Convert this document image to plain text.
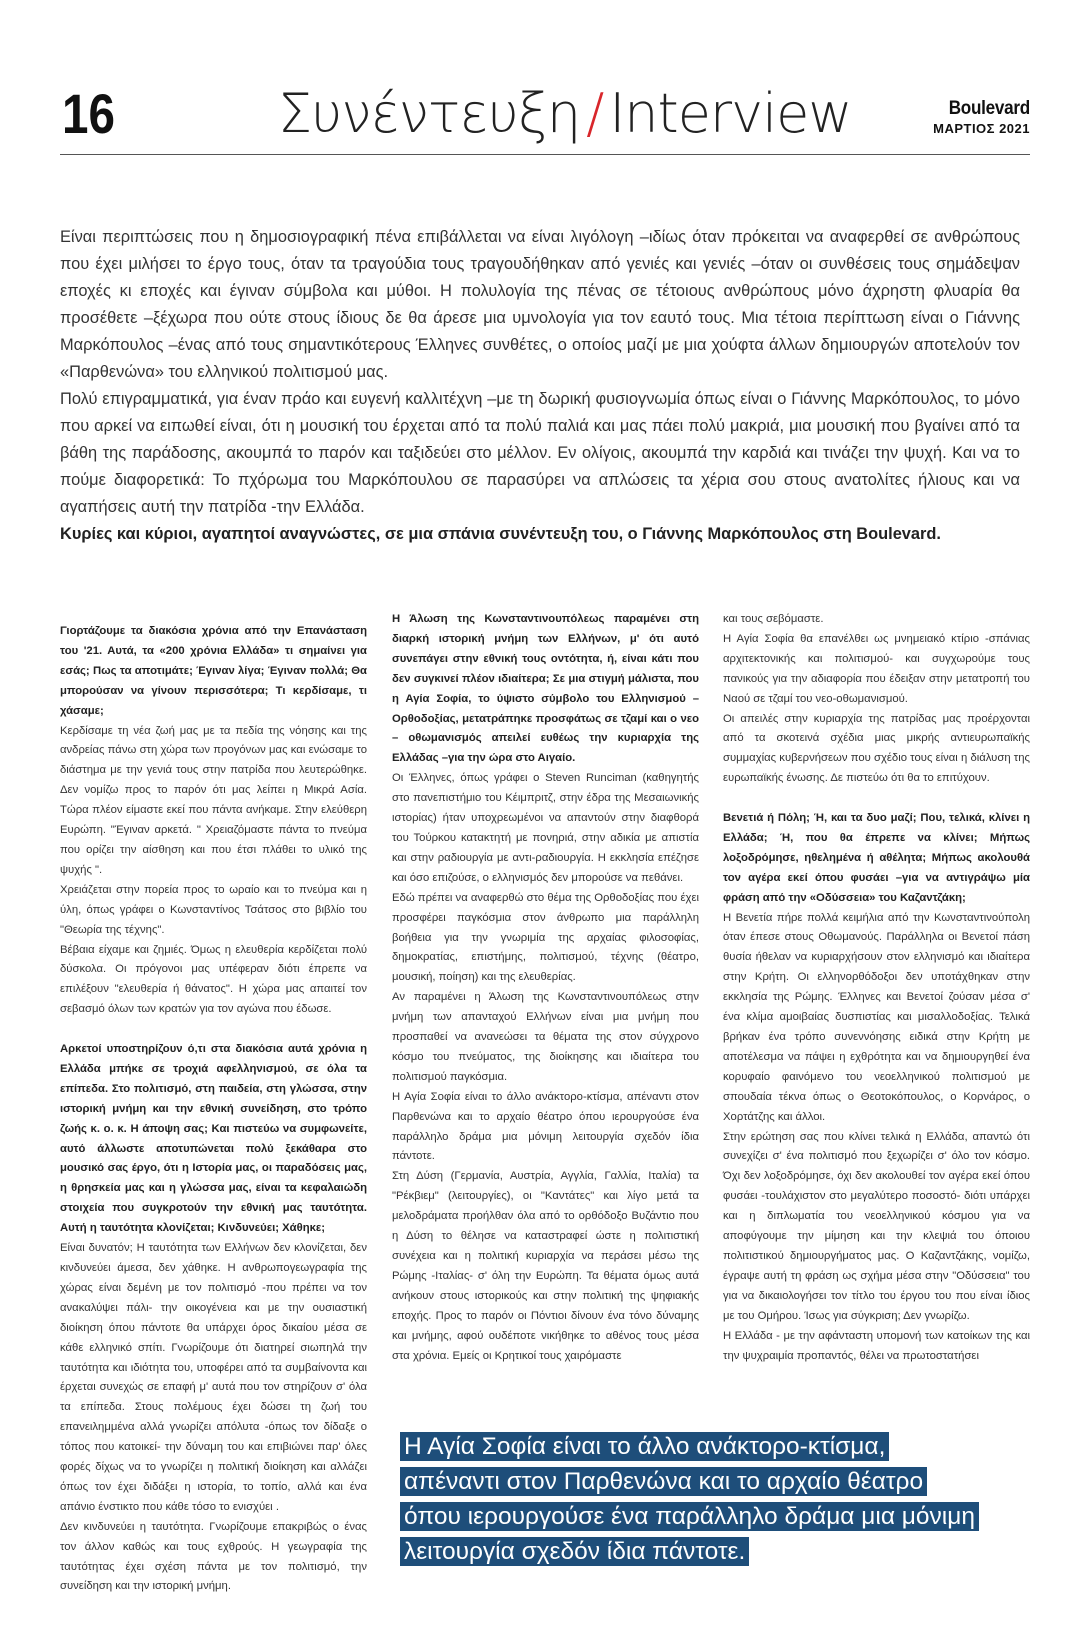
16	Συνέντευξη / Interview	Boulevard
ΜΑΡΤΙΟΣ 2021

Είναι περιπτώσεις που η δημοσιογραφική πένα επιβάλλεται να είναι λιγόλογη –ιδίως όταν πρόκειται να αναφερθεί σε ανθρώπους που έχει μιλήσει το έργο τους, όταν τα τραγούδια τους τραγουδήθηκαν από γενιές και γενιές –όταν οι συνθέσεις τους σημάδεψαν εποχές κι εποχές και έγιναν σύμβολα και μύθοι. Η πολυλογία της πένας σε τέτοιους ανθρώπους μόνο άχρηστη φλυαρία θα προσέθετε –ξέχωρα που ούτε στους ίδιους δε θα άρεσε μια υμνολογία για τον εαυτό τους. Μια τέτοια περίπτωση είναι ο Γιάννης Μαρκόπουλος –ένας από τους σημαντικότερους Έλληνες συνθέτες, ο οποίος μαζί με μια χούφτα άλλων δημιουργών αποτελούν τον «Παρθενώνα» του ελληνικού πολιτισμού μας.

Πολύ επιγραμματικά, για έναν πράο και ευγενή καλλιτέχνη –με τη δωρική φυσιογνωμία όπως είναι ο Γιάννης Μαρκόπουλος, το μόνο που αρκεί να ειπωθεί είναι, ότι η μουσική του έρχεται από τα πολύ παλιά και μας πάει πολύ μακριά, μια μουσική που βγαίνει από τα βάθη της παράδοσης, ακουμπά το παρόν και ταξιδεύει στο μέλλον. Εν ολίγοις, ακουμπά την καρδιά και τινάζει την ψυχή. Και να το πούμε διαφορετικά: Το πχόρωμα του Μαρκόπουλου σε παρασύρει να απλώσεις τα χέρια σου στους ανατολίτες ήλιους και να αγαπήσεις αυτή την πατρίδα -την Ελλάδα.

Κυρίες και κύριοι, αγαπητοί αναγνώστες, σε μια σπάνια συνέντευξη του, ο Γιάννης Μαρκόπουλος στη Boulevard.

Γιορτάζουμε τα διακόσια χρόνια από την Επανάσταση του '21. Αυτά, τα «200 χρόνια Ελλάδα» τι σημαίνει για εσάς; Πως τα αποτιμάτε; Έγιναν λίγα; Έγιναν πολλά; Θα μπορούσαν να γίνουν περισσότερα; Τι κερδίσαμε, τι χάσαμε;

Κερδίσαμε τη νέα ζωή μας με τα πεδία της νόησης και της ανδρείας πάνω στη χώρα των προγόνων μας και ενώσαμε το διάστημα με την γενιά τους στην πατρίδα που λευτερώθηκε. Δεν νομίζω προς το παρόν ότι μας λείπει η Μικρά Ασία. Τώρα πλέον είμαστε εκεί που πάντα ανήκαμε. Στην ελεύθερη Ευρώπη. "Έγιναν αρκετά. " Χρειαζόμαστε πάντα το πνεύμα που ορίζει την αίσθηση και που έτσι πλάθει το υλικό της ψυχής ".

Χρειάζεται στην πορεία προς το ωραίο και το πνεύμα και η ύλη, όπως γράφει ο Κωνσταντίνος Τσάτσος στο βιβλίο του "Θεωρία της τέχνης".

Βέβαια είχαμε και ζημιές. Όμως η ελευθερία κερδίζεται πολύ δύσκολα. Οι πρόγονοι μας υπέφεραν διότι έπρεπε να επιλέξουν "ελευθερία ή θάνατος". Η χώρα μας απαιτεί τον σεβασμό όλων των κρατών για τον αγώνα που έδωσε.

Αρκετοί υποστηρίζουν ό,τι στα διακόσια αυτά χρόνια η Ελλάδα μπήκε σε τροχιά αφελληνισμού, σε όλα τα επίπεδα. Στο πολιτισμό, στη παιδεία, στη γλώσσα, στην ιστορική μνήμη και την εθνική συνείδηση, στο τρόπο ζωής κ. ο. κ. Η άποψη σας; Και πιστεύω να συμφωνείτε, αυτό άλλωστε αποτυπώνεται πολύ ξεκάθαρα στο μουσικό σας έργο, ότι η Ιστορία μας, οι παραδόσεις μας, η θρησκεία μας και η γλώσσα μας, είναι τα κεφαλαιώδη στοιχεία που συγκροτούν την εθνική μας ταυτότητα. Αυτή η ταυτότητα κλονίζεται; Κινδυνεύει; Χάθηκε;

Είναι δυνατόν; Η ταυτότητα των Ελλήνων δεν κλονίζεται, δεν κινδυνεύει άμεσα, δεν χάθηκε. Η ανθρωπογεωγραφία της χώρας είναι δεμένη με τον πολιτισμό -που πρέπει να τον ανακαλύψει πάλι- την οικογένεια και με την ουσιαστική διοίκηση όπου πάντοτε θα υπάρχει όρος δικαίου μέσα σε κάθε ελληνικό σπίτι. Γνωρίζουμε ότι διατηρεί σιωπηλά την ταυτότητα και ιδιότητα του, υποφέρει από τα συμβαίνοντα και έρχεται συνεχώς σε επαφή μ' αυτά που τον στηρίζουν σ' όλα τα επίπεδα. Στους πολέμους έχει δώσει τη ζωή του επανειλημμένα αλλά γνωρίζει απόλυτα -όπως τον δίδαξε ο τόπος που κατοικεί- την δύναμη του και επιβιώνει παρ' όλες φορές δίχως να το γνωρίζει η πολιτική διοίκηση και αλλάζει όπως τον έχει διδάξει η ιστορία, το τοπίο, αλλά και ένα απάνιο ένστικτο που κάθε τόσο το ενισχύει .

Δεν κινδυνεύει η ταυτότητα. Γνωρίζουμε επακριβώς ο ένας τον άλλον καθώς και τους εχθρούς. Η γεωγραφία της ταυτότητας έχει σχέση πάντα με τον πολιτισμό, την συνείδηση και την ιστορική μνήμη.

Η Άλωση της Κωνσταντινουπόλεως παραμένει στη διαρκή ιστορική μνήμη των Ελλήνων, μ' ότι αυτό συνεπάγει στην εθνική τους οντότητα, ή, είναι κάτι που δεν συγκινεί πλέον ιδιαίτερα; Σε μια στιγμή μάλιστα, που η Αγία Σοφία, το ύψιστο σύμβολο του Ελληνισμού – Ορθοδοξίας, μετατράπηκε προσφάτως σε τζαμί και ο νεο – οθωμανισμός απειλεί ευθέως την κυριαρχία της Ελλάδας –για την ώρα στο Αιγαίο.

Οι Έλληνες, όπως γράφει ο Steven Runciman (καθηγητής στο πανεπιστήμιο του Κέιμπριτζ, στην έδρα της Μεσαιωνικής ιστορίας) ήταν υποχρεωμένοι να απαντούν στην διαφθορά του Τούρκου κατακτητή με πονηριά, στην αδικία με απιστία και στην ραδιουργία με αντι-ραδιουργία. Η εκκλησία επέζησε και όσο επιζούσε, ο ελληνισμός δεν μπορούσε να πεθάνει.

Εδώ πρέπει να αναφερθώ στο θέμα της Ορθοδοξίας που έχει προσφέρει παγκόσμια στον άνθρωπο μια παράλληλη βοήθεια για την γνωριμία της αρχαίας φιλοσοφίας, δημοκρατίας, επιστήμης, πολιτισμού, τέχνης (θέατρο, μουσική, ποίηση) και της ελευθερίας.

Αν παραμένει η Άλωση της Κωνσταντινουπόλεως στην μνήμη των απανταχού Ελλήνων είναι μια μνήμη που προσπαθεί να ανανεώσει τα θέματα της στον σύγχρονο κόσμο του πνεύματος, της διοίκησης και ιδιαίτερα του πολιτισμού παγκόσμια.

Η Αγία Σοφία είναι το άλλο ανάκτορο-κτίσμα, απέναντι στον Παρθενώνα και το αρχαίο θέατρο όπου ιερουργούσε ένα παράλληλο δράμα μια μόνιμη λειτουργία σχεδόν ίδια πάντοτε.

Στη Δύση (Γερμανία, Αυστρία, Αγγλία, Γαλλία, Ιταλία) τα "Ρέκβιεμ" (λειτουργίες), οι "Καντάτες" και λίγο μετά τα μελοδράματα προήλθαν όλα από το ορθόδοξο Βυζάντιο που η Δύση το θέλησε να καταστραφεί ώστε η πολιτιστική συνέχεια και η πολιτική κυριαρχία να περάσει μέσω της Ρώμης -Ιταλίας- σ' όλη την Ευρώπη. Τα θέματα όμως αυτά ανήκουν στους ιστορικούς και στην πολιτική της ψηφιακής εποχής. Προς το παρόν οι Πόντιοι δίνουν ένα τόνο δύναμης και μνήμης, αφού ουδέποτε νικήθηκε το αθένος τους μέσα στα χρόνια. Εμείς οι Κρητικοί τους χαιρόμαστε

και τους σεβόμαστε.

Η Αγία Σοφία θα επανέλθει ως μνημειακό κτίριο -σπάνιας αρχιτεκτονικής και πολιτισμού- και συγχωρούμε τους πανικούς για την αδιαφορία που έδειξαν στην μετατροπή του Ναού σε τζαμί του νεο-οθωμανισμού.

Οι απειλές στην κυριαρχία της πατρίδας μας προέρχονται από τα σκοτεινά σχέδια μιας μικρής αντιευρωπαϊκής συμμαχίας κυβερνήσεων που σχέδιο τους είναι η διάλυση της ευρωπαϊκής ένωσης. Δε πιστεύω ότι θα το επιτύχουν.

Βενετιά ή Πόλη; Ή, και τα δυο μαζί; Που, τελικά, κλίνει η Ελλάδα; Ή, που θα έπρεπε να κλίνει; Μήπως λοξοδρόμησε, ηθελημένα ή αθέλητα; Μήπως ακολουθά τον αγέρα εκεί όπου φυσάει –για να αντιγράψω μία φράση από την «Οδύσσεια» του Καζαντζάκη;

Η Βενετία πήρε πολλά κειμήλια από την Κωνσταντινούπολη όταν έπεσε στους Οθωμανούς. Παράλληλα οι Βενετοί πάση θυσία ήθελαν να κυριαρχήσουν στον ελληνισμό και ιδιαίτερα στην Κρήτη. Οι ελληνορθόδοξοι δεν υποτάχθηκαν στην εκκλησία της Ρώμης. Έλληνες και Βενετοί ζούσαν μέσα σ' ένα κλίμα αμοιβαίας δυσπιστίας και μισαλλοδοξίας. Τελικά βρήκαν ένα τρόπο συνεννόησης ειδικά στην Κρήτη με αποτέλεσμα να πάψει η εχθρότητα και να δημιουργηθεί ένα κορυφαίο φαινόμενο του νεοελληνικού πολιτισμού με σπουδαία τέκνα όπως ο Θεοτοκόπουλος, ο Κορνάρος, ο Χορτάτζης και άλλοι.

Στην ερώτηση σας που κλίνει τελικά η Ελλάδα, απαντώ ότι συνεχίζει σ' ένα πολιτισμό που ξεχωρίζει σ' όλο τον κόσμο. Όχι δεν λοξοδρόμησε, όχι δεν ακολουθεί τον αγέρα εκεί όπου φυσάει -τουλάχιστον στο μεγαλύτερο ποσοστό- διότι υπάρχει και η διπλωματία του νεοελληνικού κόσμου για να αποφύγουμε την μίμηση και την κλεψιά του όποιου πολιτιστικού δημιουργήματος μας. Ο Καζαντζάκης, νομίζω, έγραψε αυτή τη φράση ως σχήμα μέσα στην "Οδύσσεια" του για να δικαιολογήσει τον τίτλο του έργου του που είναι ίδιος με του Ομήρου. Ίσως για σύγκριση; Δεν γνωρίζω.

Η Ελλάδα - με την αφάνταστη υπομονή των κατοίκων της και την ψυχραιμία προπαντός, θέλει να πρωτοστατήσει

Η Αγία Σοφία είναι το άλλο ανάκτορο-κτίσμα,
απέναντι στον Παρθενώνα και το αρχαίο θέατρο
όπου ιερουργούσε ένα παράλληλο δράμα μια μόνιμη
λειτουργία σχεδόν ίδια πάντοτε.
